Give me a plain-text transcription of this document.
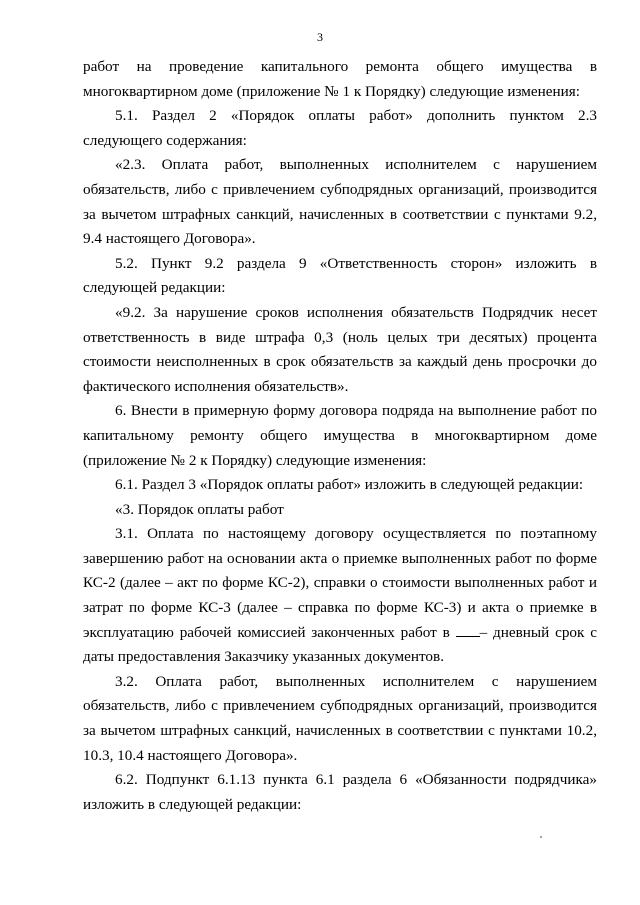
3

работ на проведение капитального ремонта общего имущества в многоквартирном доме (приложение № 1 к Порядку) следующие изменения:

5.1. Раздел 2 «Порядок оплаты работ» дополнить пунктом 2.3 следующего содержания:

«2.3. Оплата работ, выполненных исполнителем с нарушением обязательств, либо с привлечением субподрядных организаций, производится за вычетом штрафных санкций, начисленных в соответствии с пунктами 9.2, 9.4 настоящего Договора».

5.2. Пункт 9.2 раздела 9 «Ответственность сторон» изложить в следующей редакции:

«9.2. За нарушение сроков исполнения обязательств Подрядчик несет ответственность в виде штрафа 0,3 (ноль целых три десятых) процента стоимости неисполненных в срок обязательств за каждый день просрочки до фактического исполнения обязательств».

6. Внести в примерную форму договора подряда на выполнение работ по капитальному ремонту общего имущества в многоквартирном доме (приложение № 2 к Порядку) следующие изменения:

6.1. Раздел 3 «Порядок оплаты работ» изложить в следующей редакции:

«3. Порядок оплаты работ

3.1. Оплата по настоящему договору осуществляется по поэтапному завершению работ на основании акта о приемке выполненных работ по форме КС-2 (далее – акт по форме КС-2), справки о стоимости выполненных работ и затрат по форме КС-3 (далее – справка по форме КС-3) и акта о приемке в эксплуатацию рабочей комиссией законченных работ в – дневный срок с даты предоставления Заказчику указанных документов.

3.2. Оплата работ, выполненных исполнителем с нарушением обязательств, либо с привлечением субподрядных организаций, производится за вычетом штрафных санкций, начисленных в соответствии с пунктами 10.2, 10.3, 10.4 настоящего Договора».

6.2. Подпункт 6.1.13 пункта 6.1 раздела 6 «Обязанности подрядчика» изложить в следующей редакции:
